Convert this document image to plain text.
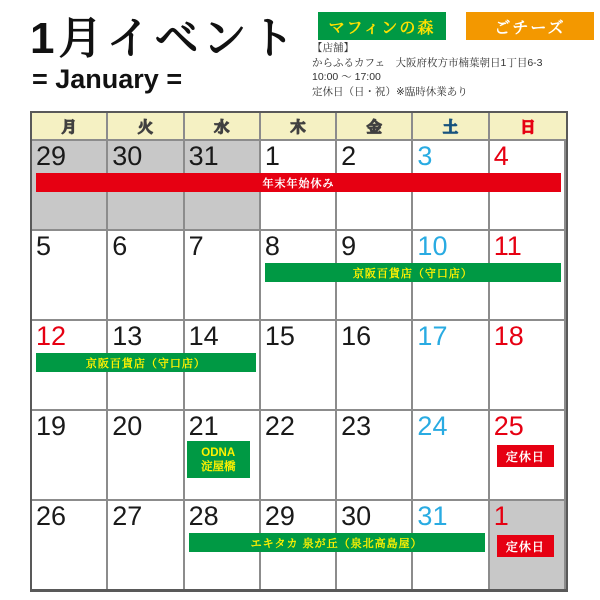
1月イベント
= January =
マフィンの森	ごチーズ
【店舗】
からふるカフェ　大阪府枚方市楠葉朝日1丁目6-3
10:00 ～ 17:00
定休日（日・祝）※臨時休業あり
月	火	水	木	金	土	日
29	30	31	1	2	3	4
年末年始休み
5	6	7	8	9	10	11
京阪百貨店（守口店）
12	13	14	15	16	17	18
京阪百貨店（守口店）
19	20	21	22	23	24	25
ODNA
淀屋橋
定休日
26	27	28	29	30	31	1
エキタカ 泉が丘（泉北高島屋）	定休日
